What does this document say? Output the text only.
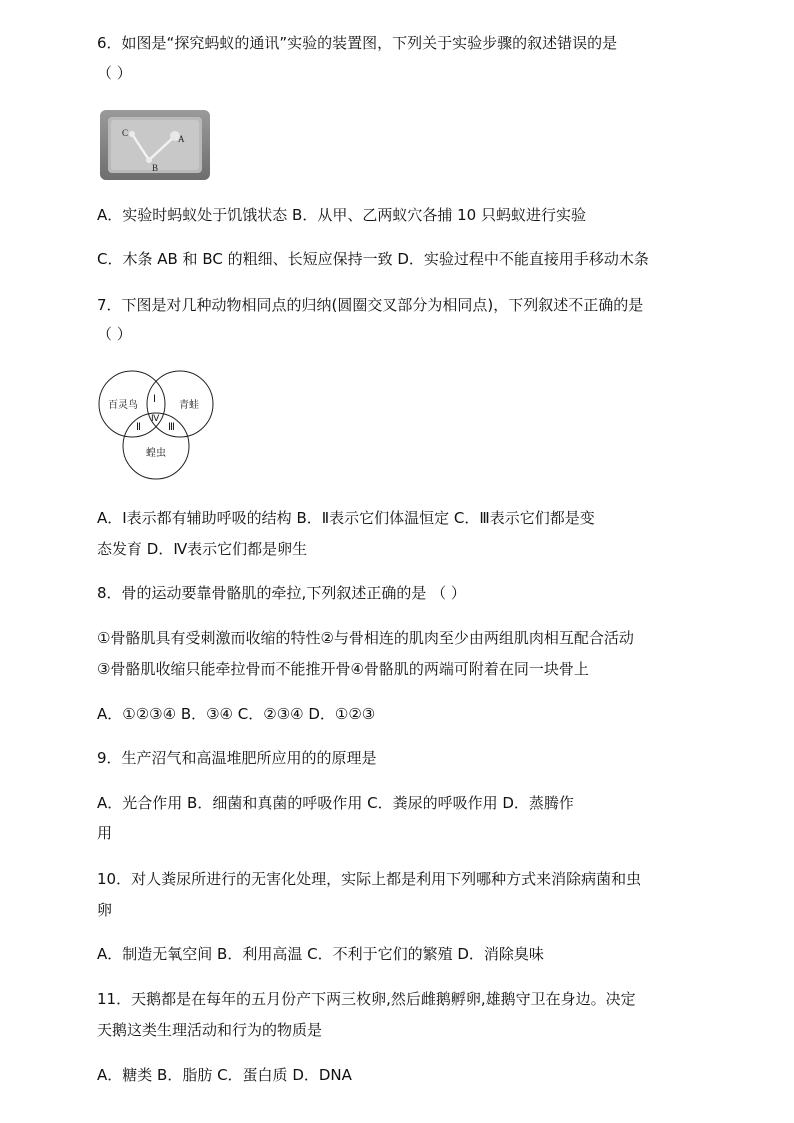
6．如图是“探究蚂蚁的通讯”实验的装置图，下列关于实验步骤的叙述错误的是
（ ）
C
A
B
A．实验时蚂蚁处于饥饿状态 B．从甲、乙两蚁穴各捕 10 只蚂蚁进行实验
C．木条 AB 和 BC 的粗细、长短应保持一致 D．实验过程中不能直接用手移动木条
7．下图是对几种动物相同点的归纳(圆圈交叉部分为相同点)，下列叙述不正确的是
（ ）
百灵鸟	青蛙
蝗虫
Ⅰ
Ⅳ
Ⅱ	Ⅲ
A．Ⅰ表示都有辅助呼吸的结构 B．Ⅱ表示它们体温恒定 C．Ⅲ表示它们都是变
态发育 D．Ⅳ表示它们都是卵生
8．骨的运动要靠骨骼肌的牵拉,下列叙述正确的是 （ ）
①骨骼肌具有受刺激而收缩的特性②与骨相连的肌肉至少由两组肌肉相互配合活动
③骨骼肌收缩只能牵拉骨而不能推开骨④骨骼肌的两端可附着在同一块骨上
A．①②③④ B．③④ C．②③④ D．①②③
9．生产沼气和高温堆肥所应用的的原理是
A．光合作用 B．细菌和真菌的呼吸作用 C．粪尿的呼吸作用 D．蒸腾作
用
10．对人粪尿所进行的无害化处理，实际上都是利用下列哪种方式来消除病菌和虫
卵
A．制造无氧空间 B．利用高温 C．不利于它们的繁殖 D．消除臭味
11．天鹅都是在每年的五月份产下两三枚卵,然后雌鹅孵卵,雄鹅守卫在身边。决定
天鹅这类生理活动和行为的物质是
A．糖类 B．脂肪 C．蛋白质 D．DNA
